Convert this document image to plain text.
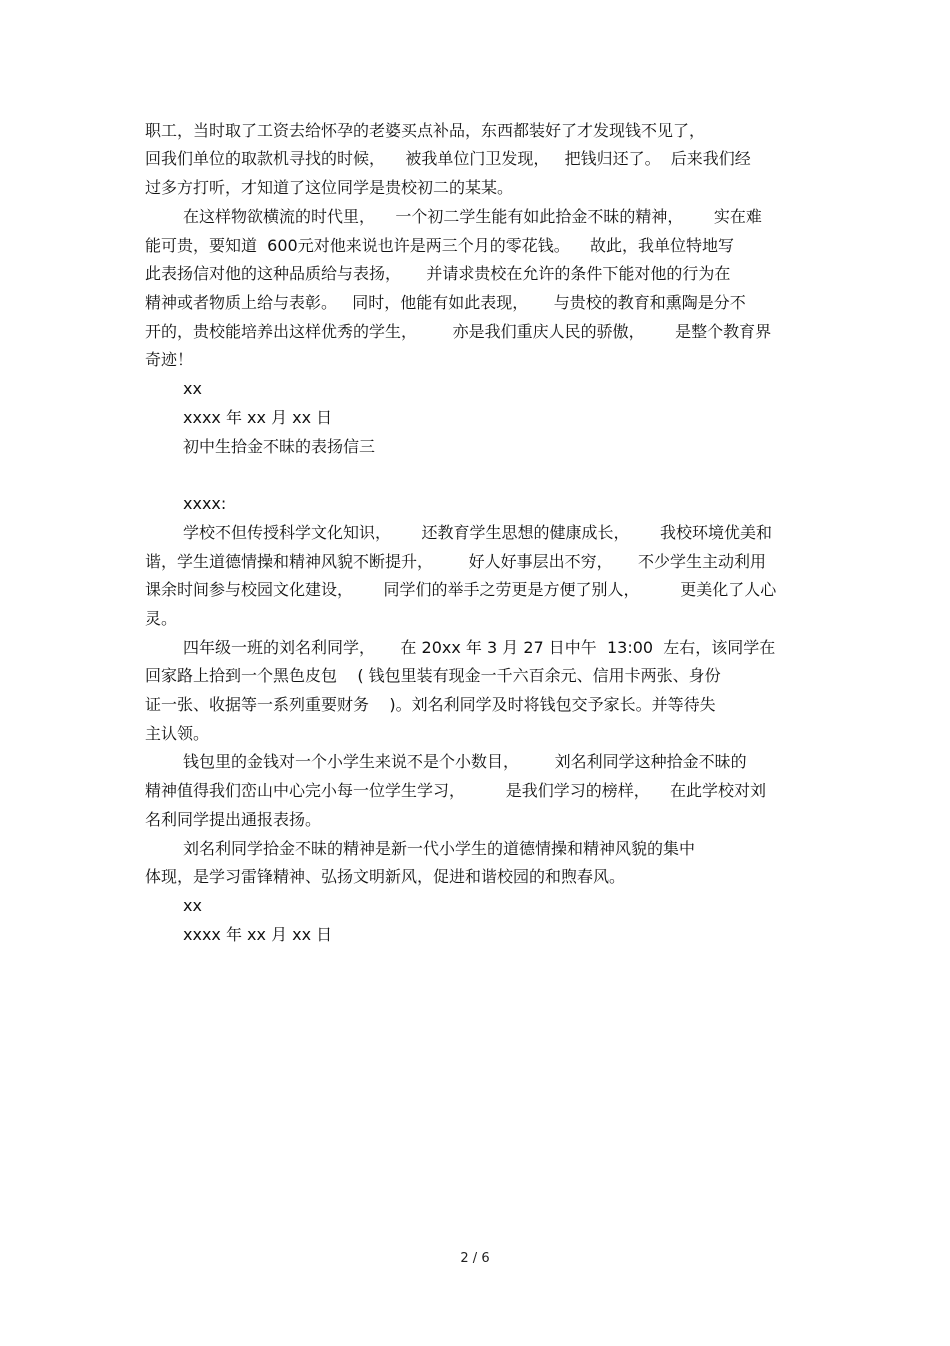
职工，当时取了工资去给怀孕的老婆买点补品，东西都装好了才发现钱不见了，
回我们单位的取款机寻找的时候，    被我单位门卫发现，   把钱归还了。  后来我们经
过多方打听，才知道了这位同学是贵校初二的某某。
在这样物欲横流的时代里，    一个初二学生能有如此拾金不昧的精神，      实在难
能可贵，要知道  600元对他来说也许是两三个月的零花钱。    故此，我单位特地写
此表扬信对他的这种品质给与表扬，     并请求贵校在允许的条件下能对他的行为在
精神或者物质上给与表彰。   同时，他能有如此表现，     与贵校的教育和熏陶是分不
开的，贵校能培养出这样优秀的学生，       亦是我们重庆人民的骄傲，      是整个教育界
奇迹！
xx
xxxx 年 xx 月 xx 日
初中生拾金不昧的表扬信三
xxxx:
学校不但传授科学文化知识，      还教育学生思想的健康成长，      我校环境优美和
谐，学生道德情操和精神风貌不断提升，       好人好事层出不穷，     不少学生主动利用
课余时间参与校园文化建设，      同学们的举手之劳更是方便了别人，        更美化了人心
灵。
四年级一班的刘名利同学，     在 20xx 年 3 月 27 日中午  13:00  左右，该同学在
回家路上拾到一个黑色皮包    ( 钱包里装有现金一千六百余元、信用卡两张、身份
证一张、收据等一系列重要财务    )。刘名利同学及时将钱包交予家长。并等待失
主认领。
钱包里的金钱对一个小学生来说不是个小数目，       刘名利同学这种拾金不昧的
精神值得我们峦山中心完小每一位学生学习，        是我们学习的榜样，    在此学校对刘
名利同学提出通报表扬。
刘名利同学拾金不昧的精神是新一代小学生的道德情操和精神风貌的集中
体现，是学习雷锋精神、弘扬文明新风，促进和谐校园的和煦春风。
xx
xxxx 年 xx 月 xx 日
2 / 6
